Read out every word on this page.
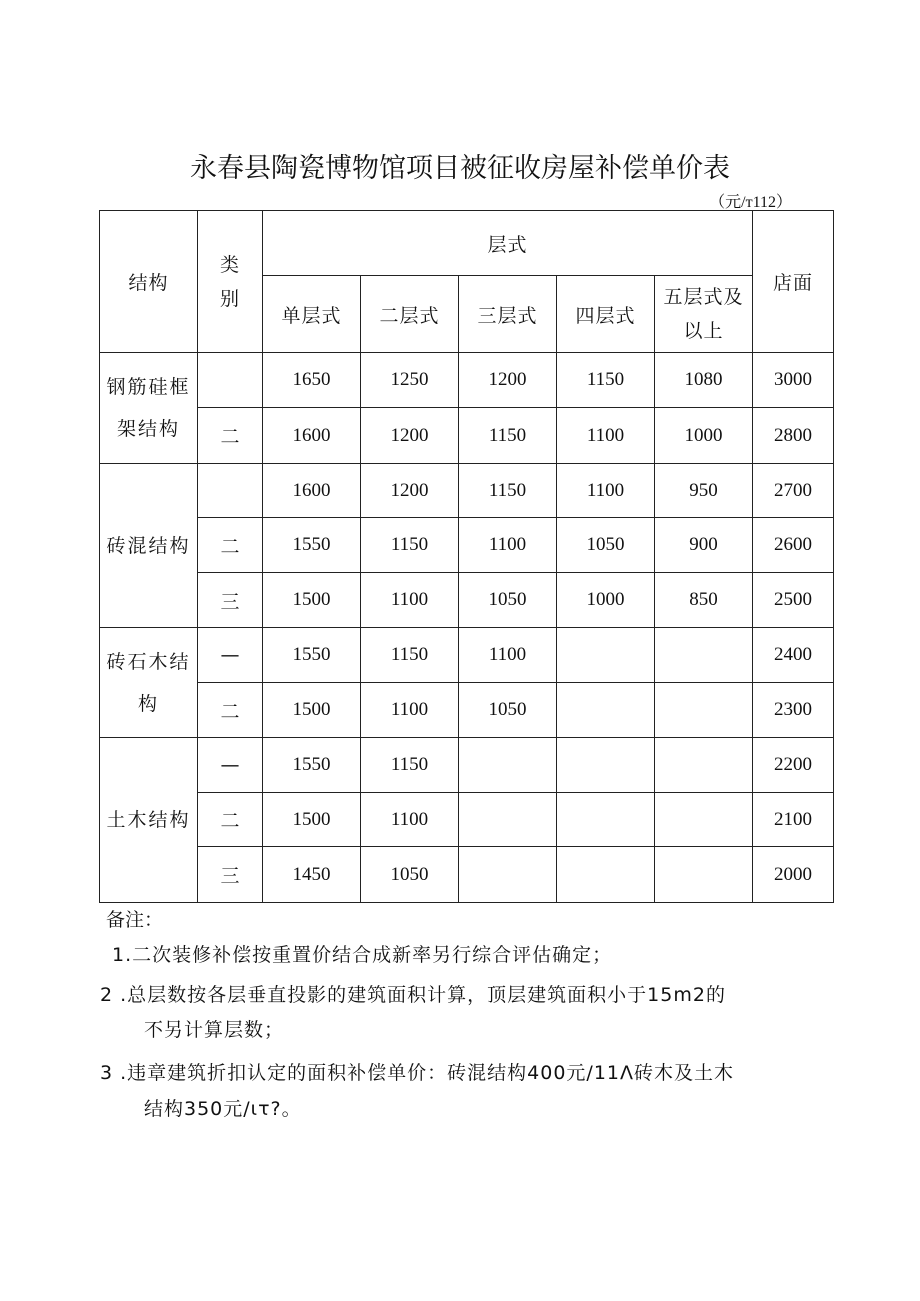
永春县陶瓷博物馆项目被征收房屋补偿单价表
（元/т112）
结构	类别	层式					店面
		单层式	二层式	三层式	四层式	五层式及以上	
钢筋硅框架结构		1650	1250	1200	1150	1080	3000
	二	1600	1200	1150	1100	1000	2800
砖混结构		1600	1200	1150	1100	950	2700
	二	1550	1150	1100	1050	900	2600
	三	1500	1100	1050	1000	850	2500
砖石木结构	—	1550	1150	1100			2400
	二	1500	1100	1050			2300
土木结构	—	1550	1150				2200
	二	1500	1100				2100
	三	1450	1050				2000
备注：
1.二次装修补偿按重置价结合成新率另行综合评估确定；
2 .总层数按各层垂直投影的建筑面积计算，顶层建筑面积小于15m2的
不另计算层数；
3 .违章建筑折扣认定的面积补偿单价：砖混结构400元/11Λ砖木及土木
结构350元/ιτ?。
